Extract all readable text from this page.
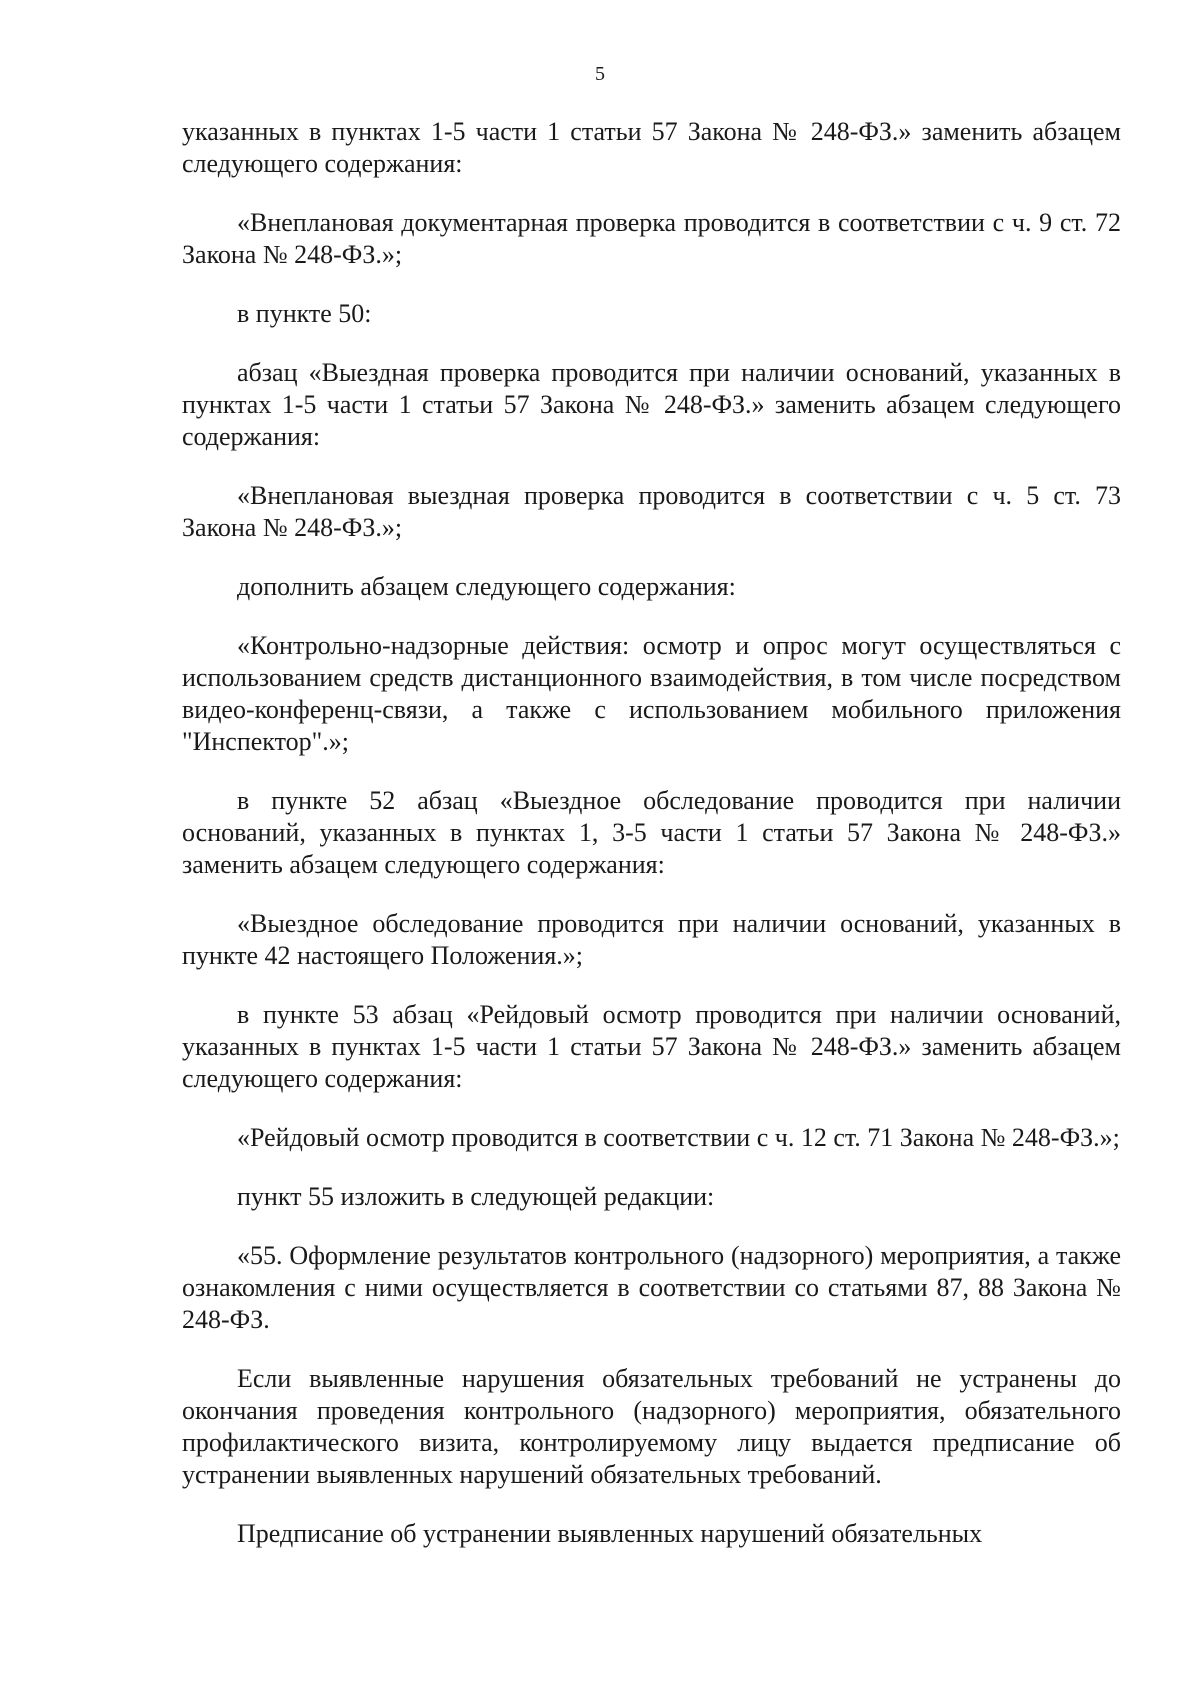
5

указанных в пунктах 1-5 части 1 статьи 57 Закона № 248-ФЗ.» заменить абзацем следующего содержания:

«Внеплановая документарная проверка проводится в соответствии с ч. 9 ст. 72 Закона № 248-ФЗ.»;

в пункте 50:

абзац «Выездная проверка проводится при наличии оснований, указанных в пунктах 1-5 части 1 статьи 57 Закона № 248-ФЗ.» заменить абзацем следующего содержания:

«Внеплановая выездная проверка проводится в соответствии с ч. 5 ст. 73 Закона № 248-ФЗ.»;

дополнить абзацем следующего содержания:

«Контрольно-надзорные действия: осмотр и опрос могут осуществляться с использованием средств дистанционного взаимодействия, в том числе посредством видео-конференц-связи, а также с использованием мобильного приложения "Инспектор".»;

в пункте 52 абзац «Выездное обследование проводится при наличии оснований, указанных в пунктах 1, 3-5 части 1 статьи 57 Закона № 248-ФЗ.» заменить абзацем следующего содержания:

«Выездное обследование проводится при наличии оснований, указанных в пункте 42 настоящего Положения.»;

в пункте 53 абзац «Рейдовый осмотр проводится при наличии оснований, указанных в пунктах 1-5 части 1 статьи 57 Закона № 248-ФЗ.» заменить абзацем следующего содержания:

«Рейдовый осмотр проводится в соответствии с ч. 12 ст. 71 Закона № 248-ФЗ.»;

пункт 55 изложить в следующей редакции:

«55. Оформление результатов контрольного (надзорного) мероприятия, а также ознакомления с ними осуществляется в соответствии со статьями 87, 88 Закона № 248-ФЗ.

Если выявленные нарушения обязательных требований не устранены до окончания проведения контрольного (надзорного) мероприятия, обязательного профилактического визита, контролируемому лицу выдается предписание об устранении выявленных нарушений обязательных требований.

Предписание об устранении выявленных нарушений обязательных
